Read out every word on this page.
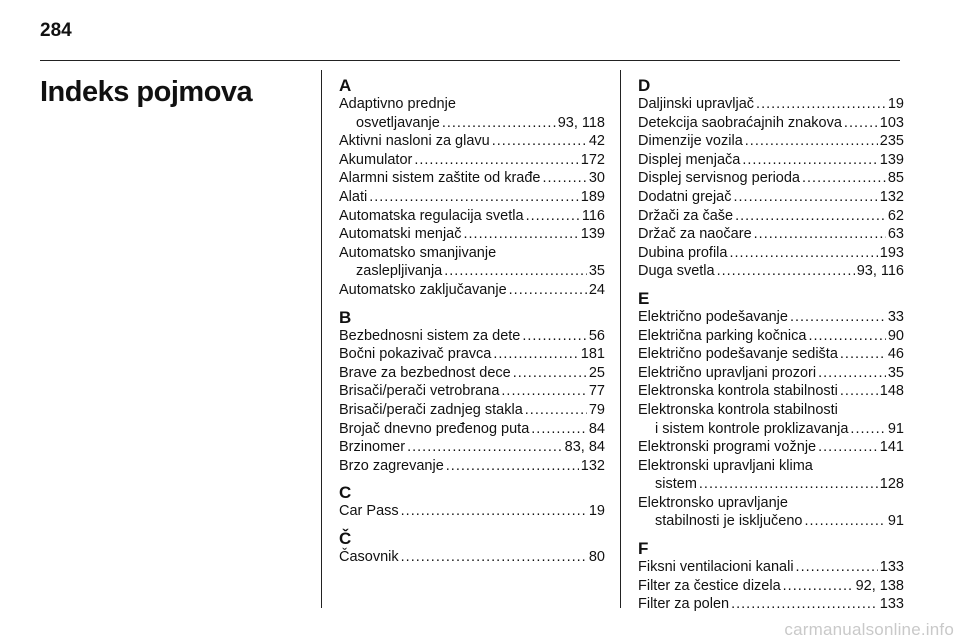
284
Indeks pojmova	A
Adaptivno prednje
osvetljavanje .....	93, 118
Aktivni nasloni za glavu .....	42
Akumulator .....	172
Alarmni sistem zaštite od krađe .....	30
Alati .....	189
Automatska regulacija svetla .....	116
Automatski menjač .....	139
Automatsko smanjivanje
zaslepljivanja .....	35
Automatsko zaključavanje .....	24
B
Bezbednosni sistem za dete .....	56
Bočni pokazivač pravca .....	181
Brave za bezbednost dece .....	25
Brisači/perači vetrobrana .....	77
Brisači/perači zadnjeg stakla .....	79
Brojač dnevno pređenog puta .....	84
Brzinomer .....	83, 84
Brzo zagrevanje .....	132
C
Car Pass .....	19
Č
Časovnik .....	80
D
Daljinski upravljač .....	19
Detekcija saobraćajnih znakova .....	103
Dimenzije vozila .....	235
Displej menjača .....	139
Displej servisnog perioda .....	85
Dodatni grejač .....	132
Držači za čaše .....	62
Držač za naočare .....	63
Dubina profila .....	193
Duga svetla .....	93, 116
E
Električno podešavanje .....	33
Električna parking kočnica .....	90
Električno podešavanje sedišta .....	46
Električno upravljani prozori .....	35
Elektronska kontrola stabilnosti .....	148
Elektronska kontrola stabilnosti
i sistem kontrole proklizavanja .....	91
Elektronski programi vožnje .....	141
Elektronski upravljani klima
sistem .....	128
Elektronsko upravljanje
stabilnosti je isključeno .....	91
F
Fiksni ventilacioni kanali .....	133
Filter za čestice dizela .....	92, 138
Filter za polen .....	133
carmanualsonline.info
